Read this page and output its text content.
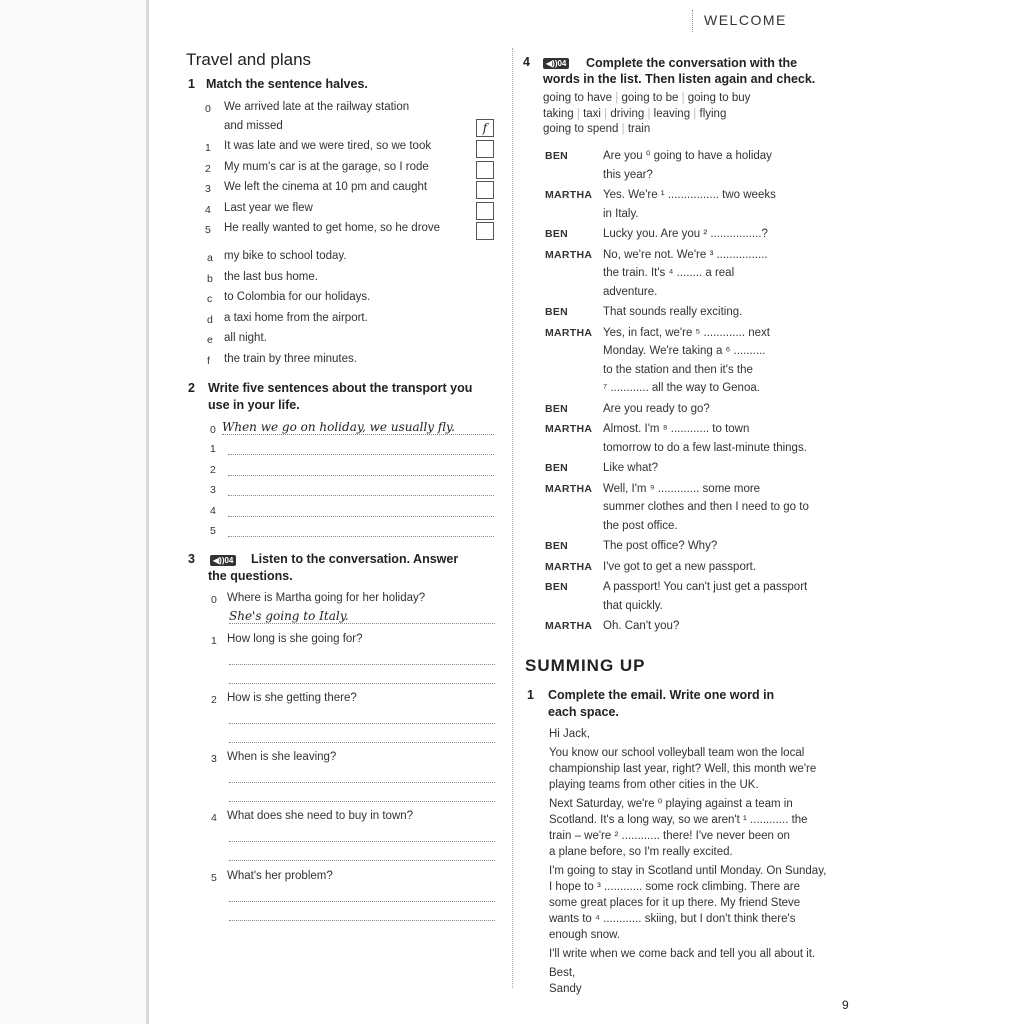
WELCOME
Travel and plans
1 Match the sentence halves.
0 We arrived late at the railway station
and missed	f
1 It was late and we were tired, so we took
2 My mum's car is at the garage, so I rode
3 We left the cinema at 10 pm and caught
4 Last year we flew
5 He really wanted to get home, so he drove
a my bike to school today.
b the last bus home.
c to Colombia for our holidays.
d a taxi home from the airport.
e all night.
f the train by three minutes.
2 Write five sentences about the transport you
use in your life.
0 When we go on holiday, we usually fly.
1
2
3
4
5
3	◀)) 04 Listen to the conversation. Answer
the questions.
0 Where is Martha going for her holiday?
She's going to Italy.
1 How long is she going for?
2 How is she getting there?
3 When is she leaving?
4 What does she need to buy in town?
5 What's her problem?
4	◀)) 04 Complete the conversation with the
words in the list. Then listen again and check.
going to have | going to be | going to buy
taking | taxi | driving | leaving | flying
going to spend | train
BEN	Are you ⁰ going to have a holiday
this year?
MARTHA Yes. We're ¹ ................ two weeks
in Italy.
BEN	Lucky you. Are you ² ................?
MARTHA No, we're not. We're ³ ................
the train. It's ⁴ ........ a real
adventure.
BEN	That sounds really exciting.
MARTHA Yes, in fact, we're ⁵ ............. next
Monday. We're taking a ⁶ ..........
to the station and then it's the
⁷ ............ all the way to Genoa.
BEN	Are you ready to go?
MARTHA Almost. I'm ⁸ ............ to town
tomorrow to do a few last-minute things.
BEN	Like what?
MARTHA Well, I'm ⁹ ............. some more
summer clothes and then I need to go to
the post office.
BEN	The post office? Why?
MARTHA I've got to get a new passport.
BEN	A passport! You can't just get a passport
that quickly.
MARTHA Oh. Can't you?
SUMMING UP
1 Complete the email. Write one word in
each space.
Hi Jack,
You know our school volleyball team won the local
championship last year, right? Well, this month we're
playing teams from other cities in the UK.
Next Saturday, we're ⁰ playing against a team in
Scotland. It's a long way, so we aren't ¹ ............ the
train – we're ² ............ there! I've never been on
a plane before, so I'm really excited.
I'm going to stay in Scotland until Monday. On Sunday,
I hope to ³ ............ some rock climbing. There are
some great places for it up there. My friend Steve
wants to ⁴ ............ skiing, but I don't think there's
enough snow.
I'll write when we come back and tell you all about it.
Best,
Sandy
9
